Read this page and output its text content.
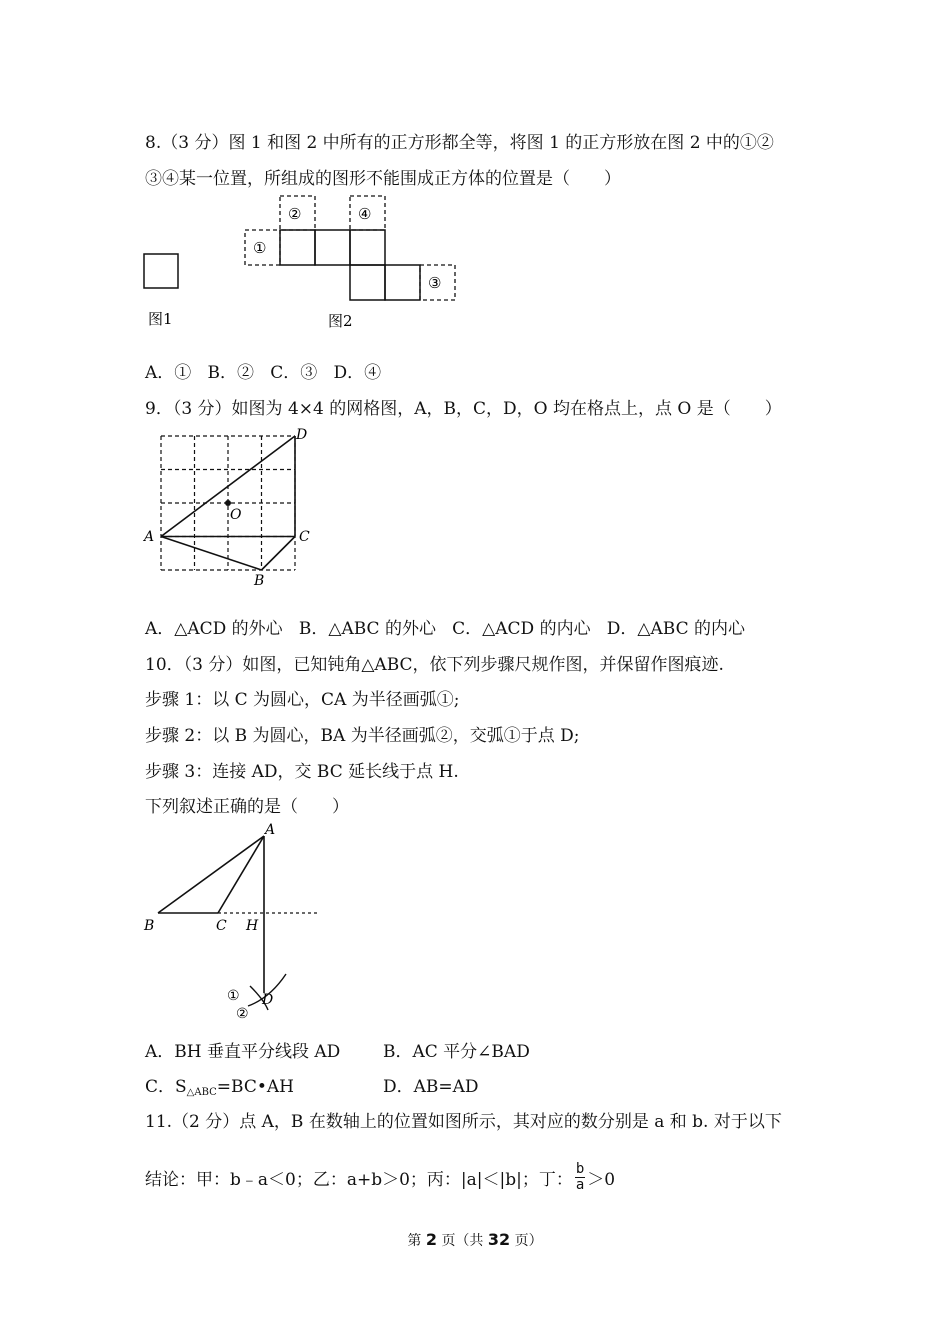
8.（3 分）图 1 和图 2 中所有的正方形都全等，将图 1 的正方形放在图 2 中的①②
③④某一位置，所组成的图形不能围成正方体的位置是（　　）
图1
①
②
③
④
图2
A．① B．② C．③ D．④
9．（3 分）如图为 4×4 的网格图，A，B，C，D，O 均在格点上，点 O 是（　　）
A
B
C
D
O
A．△ACD 的外心 B．△ABC 的外心 C．△ACD 的内心 D．△ABC 的内心
10．（3 分）如图，已知钝角△ABC，依下列步骤尺规作图，并保留作图痕迹.
步骤 1：以 C 为圆心，CA 为半径画弧①;
步骤 2：以 B 为圆心，BA 为半径画弧②，交弧①于点 D;
步骤 3：连接 AD，交 BC 延长线于点 H.
下列叙述正确的是（　　）
B	C
A
H
D
①
②
A．BH 垂直平分线段 AD	B．AC 平分∠BAD
C．$S_{\triangle ABC}=BC•AH$	D．AB=AD
11.（2 分）点 A，B 在数轴上的位置如图所示，其对应的数分别是 a 和 b. 对于以下
结论：甲：b﹣a＜0；乙：a+b＞0；丙：|a|＜|b|；丁： $\frac{b}{a} >0$
第 2 页（共 32 页）
